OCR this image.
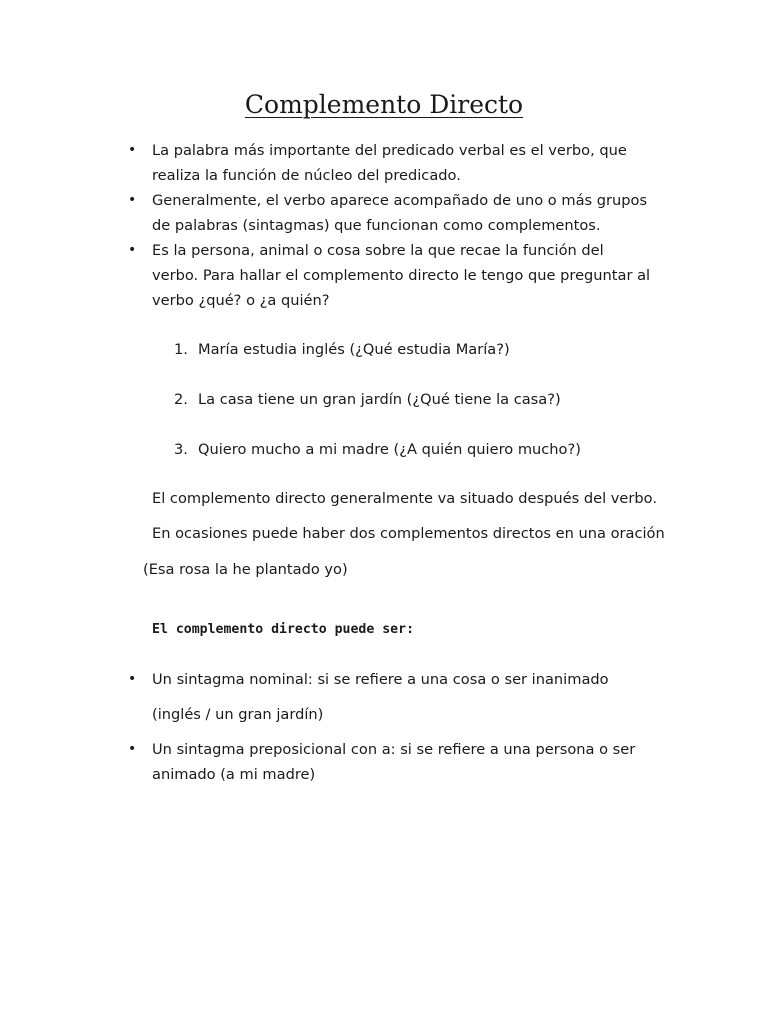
Complemento Directo
• La palabra más importante del predicado verbal es el verbo, que realiza la función de núcleo del predicado.
• Generalmente, el verbo aparece acompañado de uno o más grupos de palabras (sintagmas) que funcionan como complementos.
• Es la persona, animal o cosa sobre la que recae la función del verbo. Para hallar el complemento directo le tengo que preguntar al verbo ¿qué? o ¿a quién?
1. María estudia inglés (¿Qué estudia María?)
2. La casa tiene un gran jardín (¿Qué tiene la casa?)
3. Quiero mucho a mi madre (¿A quién quiero mucho?)
El complemento directo generalmente va situado después del verbo.
En ocasiones puede haber dos complementos directos en una oración
(Esa rosa la he plantado yo)
El complemento directo puede ser:
• Un sintagma nominal: si se refiere a una cosa o ser inanimado
(inglés / un gran jardín)
• Un sintagma preposicional con a: si se refiere a una persona o ser animado (a mi madre)
